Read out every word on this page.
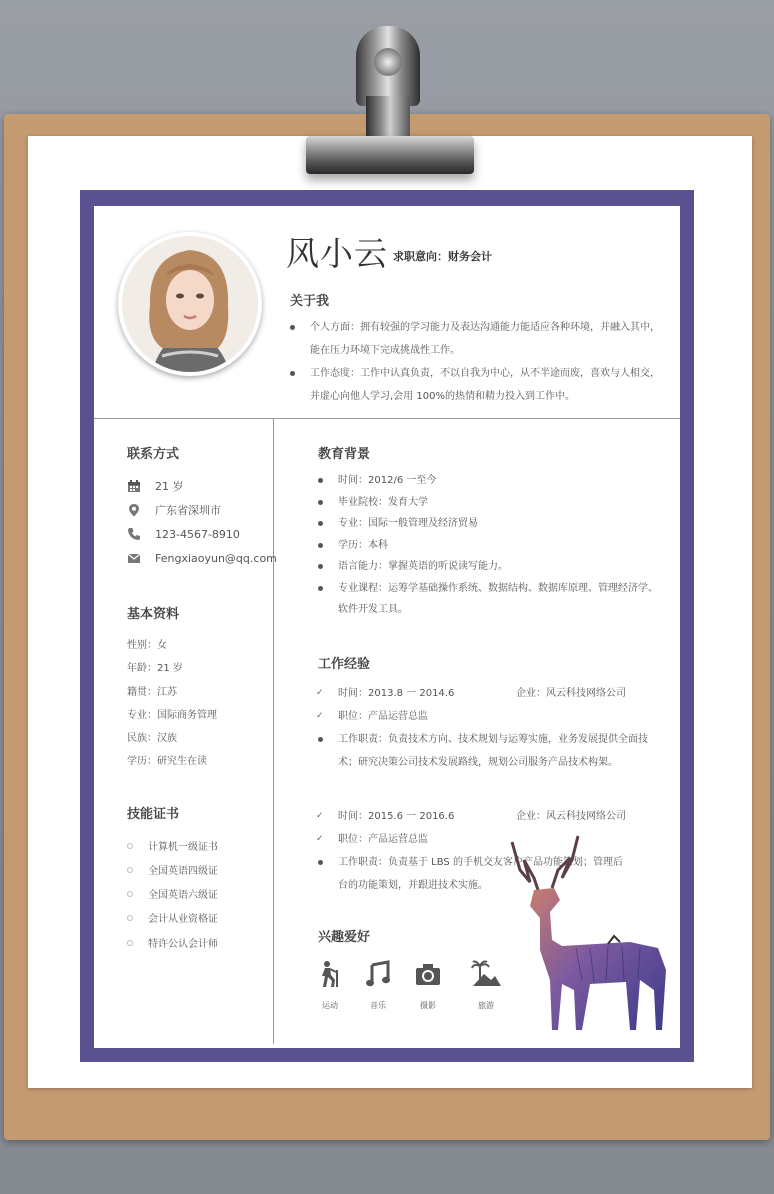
风小云 求职意向：财务会计
关于我
个人方面：拥有较强的学习能力及表达沟通能力能适应各种环境，并融入其中，能在压力环境下完成挑战性工作。
工作态度：工作中认真负责，不以自我为中心，从不半途而废，喜欢与人相交，并虚心向他人学习,会用 100%的热情和精力投入到工作中。
联系方式
21 岁
广东省深圳市
123-4567-8910
Fengxiaoyun@qq.com
基本资料
性别：女
年龄：21 岁
籍贯：江苏
专业：国际商务管理
民族：汉族
学历：研究生在读
技能证书
计算机一级证书
全国英语四级证
全国英语六级证
会计从业资格证
特许公认会计师
教育背景
时间：2012/6 一至今
毕业院校：发育大学
专业：国际一般管理及经济贸易
学历：本科
语言能力：掌握英语的听说读写能力。
专业课程：运筹学基础操作系统、数据结构、数据库原理、管理经济学、软件开发工具。
工作经验
✓ 时间：2013.8 一 2014.6	企业：风云科技网络公司
✓ 职位：产品运营总监
工作职责：负责技术方向、技术规划与运筹实施，业务发展提供全面技术；研究决策公司技术发展路线，规划公司服务产品技术构架。
✓ 时间：2015.6 一 2016.6	企业：风云科技网络公司
✓ 职位：产品运营总监
工作职责：负责基于 LBS 的手机交友客户产品功能策划；管理后台的功能策划，并跟进技术实施。
兴趣爱好
运动	音乐	摄影	旅游
